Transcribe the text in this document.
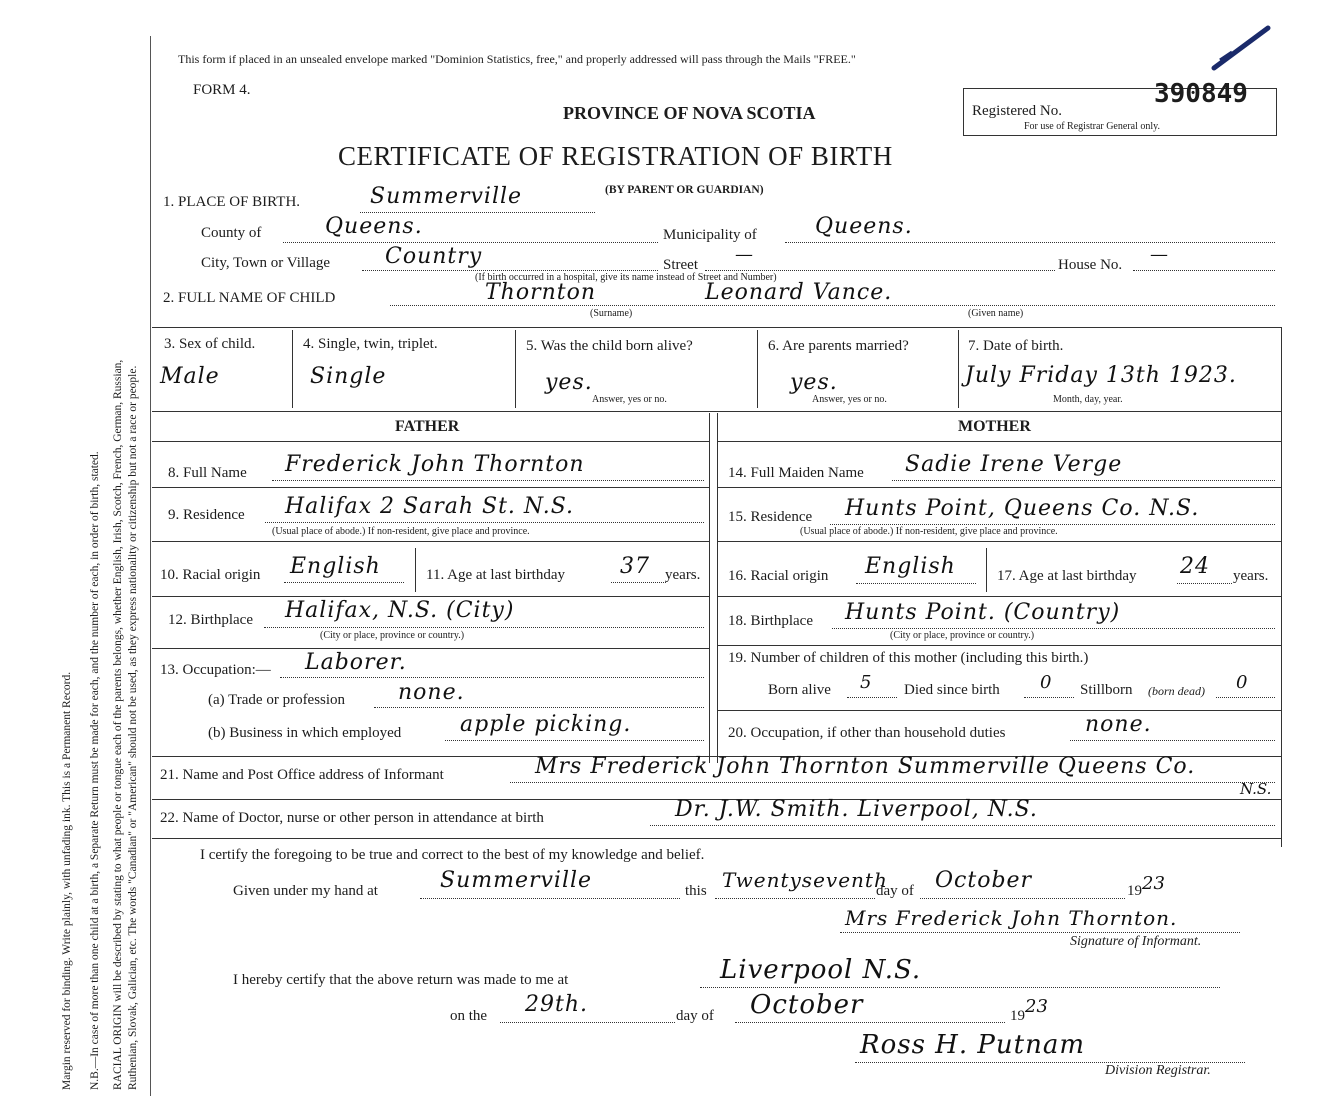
Margin reserved for binding. Write plainly, with unfading ink. This is a Permanent Record. N.B.—In case of more than one child at a birth, a Separate Return must be made for each, and the number of each, in order of birth, stated. RACIAL ORIGIN will be described by stating to what people or tongue each of the parents belongs, whether English, Irish, Scotch, French, German, Russian, Ruthenian, Slovak, Galician, etc. The words "Canadian" or "American" should not be used, as they express nationality or citizenship but not a race or people.
This form if placed in an unsealed envelope marked "Dominion Statistics, free," and properly addressed will pass through the Mails "FREE."
FORM 4.
PROVINCE OF NOVA SCOTIA
CERTIFICATE OF REGISTRATION OF BIRTH
(BY PARENT OR GUARDIAN)
Registered No.
For use of Registrar General only.
390849
1. PLACE OF BIRTH.	Summerville
County of	Queens.	Municipality of	Queens.
City, Town or Village Country	Street —
(If birth occurred in a hospital, give its name instead of Street and Number)
House No. —
2. FULL NAME OF CHILD	Thornton	Leonard Vance.
(Surname)	(Given name)
3. Sex of child.
Male
4. Single, twin, triplet.
Single
5. Was the child born alive?
yes.
Answer, yes or no.
6. Are parents married?
yes.
Answer, yes or no.
7. Date of birth.
July Friday 13th 1923.
Month, day, year.
FATHER	MOTHER
8. Full Name Frederick John Thornton
9. Residence Halifax 2 Sarah St. N.S.
(Usual place of abode.) If non-resident, give place and province.
10. Racial origin English	11. Age at last birthday	37 years.
12. Birthplace Halifax, N.S. (City)
(City or place, province or country.)
13. Occupation:— Laborer.
(a) Trade or profession none.
(b) Business in which employed	apple picking.
14. Full Maiden Name Sadie Irene Verge
15. Residence Hunts Point, Queens Co. N.S.
(Usual place of abode.) If non-resident, give place and province.
16. Racial origin English	17. Age at last birthday 24 years.
18. Birthplace Hunts Point. (Country)
(City or place, province or country.)
19. Number of children of this mother (including this birth.)
Born alive 5 Died since birth 0 Stillborn (born dead) 0
20. Occupation, if other than household duties	none.
21. Name and Post Office address of Informant	Mrs Frederick John Thornton Summerville Queens Co.
N.S.
22. Name of Doctor, nurse or other person in attendance at birth	Dr. J.W. Smith. Liverpool, N.S.
I certify the foregoing to be true and correct to the best of my knowledge and belief.
Given under my hand at	Summerville	this Twentyseventh
day of October	19 23
Mrs Frederick John Thornton.
Signature of Informant.
I hereby certify that the above return was made to me at	Liverpool N.S.
on the 29th.	day of October	19 23
Ross H. Putnam
Division Registrar.
